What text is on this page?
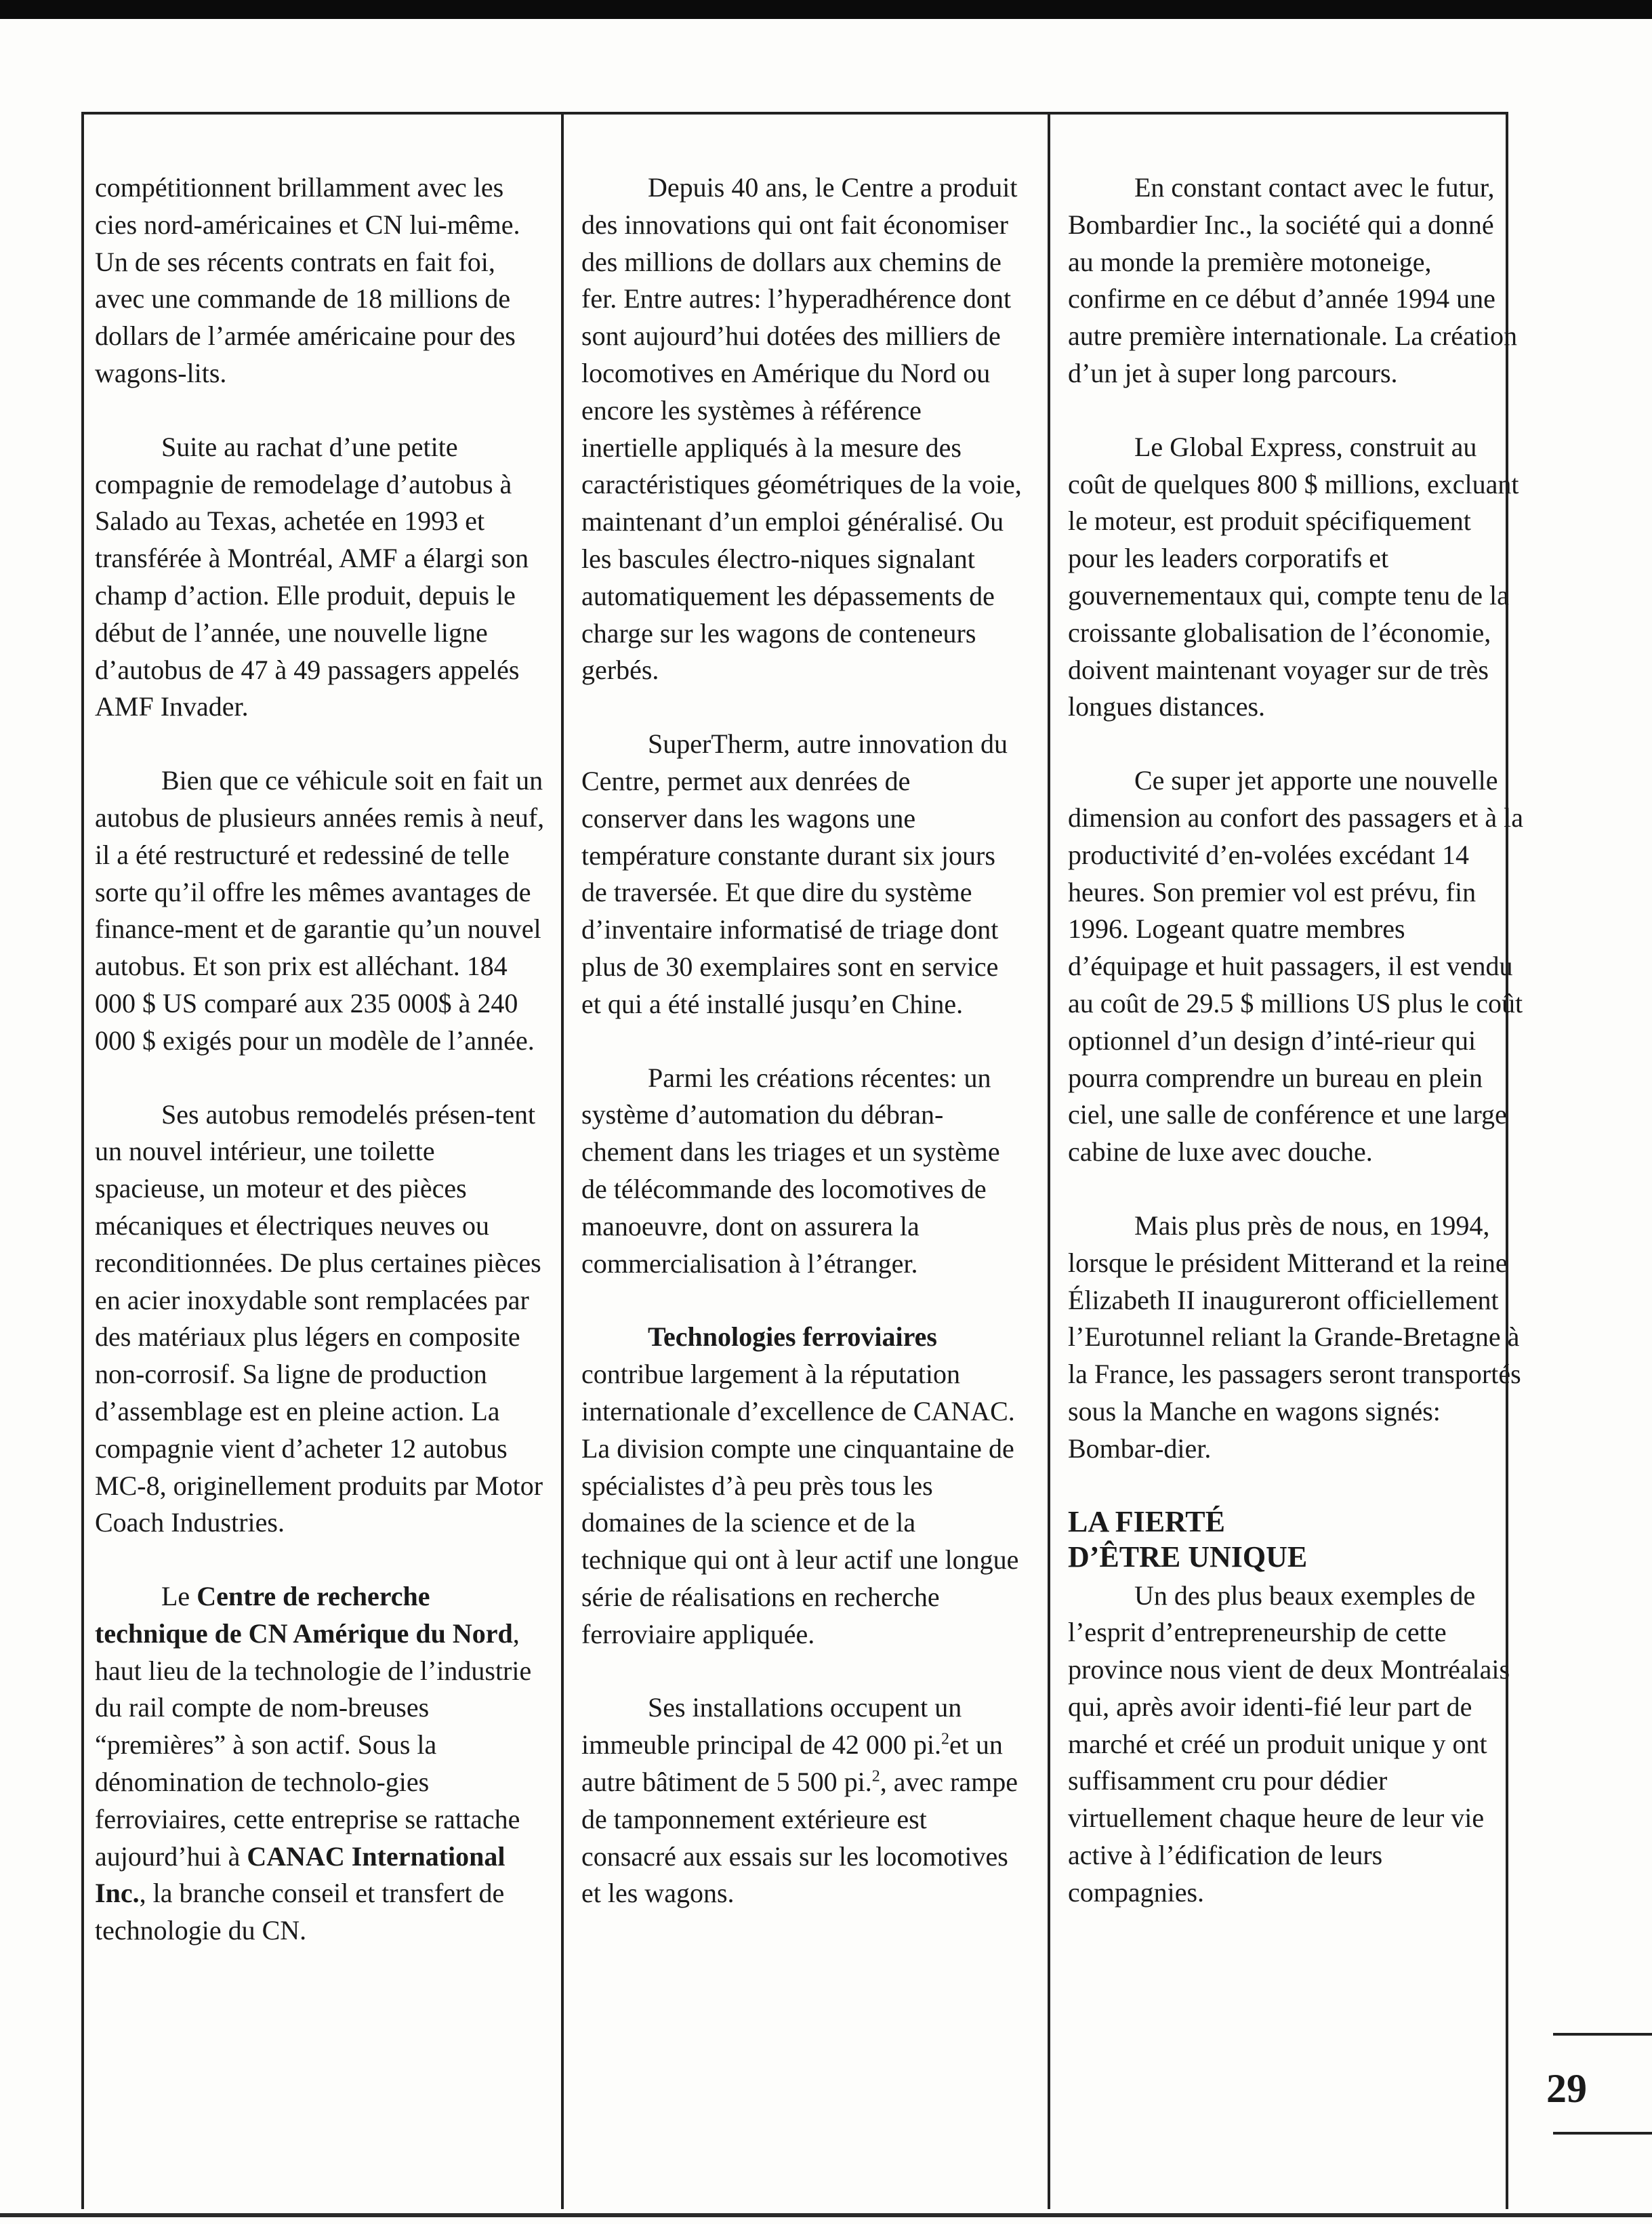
compétitionnent brillamment avec les cies nord-américaines et CN lui-même. Un de ses récents contrats en fait foi, avec une commande de 18 millions de dollars de l’armée américaine pour des wagons-lits.

Suite au rachat d’une petite compagnie de remodelage d’autobus à Salado au Texas, achetée en 1993 et transférée à Montréal, AMF a élargi son champ d’action. Elle produit, depuis le début de l’année, une nouvelle ligne d’autobus de 47 à 49 passagers appelés AMF Invader.

Bien que ce véhicule soit en fait un autobus de plusieurs années remis à neuf, il a été restructuré et redessiné de telle sorte qu’il offre les mêmes avantages de finance-ment et de garantie qu’un nouvel autobus. Et son prix est alléchant. 184 000 $ US comparé aux 235 000$ à 240 000 $ exigés pour un modèle de l’année.

Ses autobus remodelés présen-tent un nouvel intérieur, une toilette spacieuse, un moteur et des pièces mécaniques et électriques neuves ou reconditionnées. De plus certaines pièces en acier inoxydable sont remplacées par des matériaux plus légers en composite non-corrosif. Sa ligne de production d’assemblage est en pleine action. La compagnie vient d’acheter 12 autobus MC-8, originellement produits par Motor Coach Industries.

Le Centre de recherche technique de CN Amérique du Nord, haut lieu de la technologie de l’industrie du rail compte de nom-breuses “premières” à son actif. Sous la dénomination de technolo-gies ferroviaires, cette entreprise se rattache aujourd’hui à CANAC International Inc., la branche conseil et transfert de technologie du CN.

Depuis 40 ans, le Centre a produit des innovations qui ont fait économiser des millions de dollars aux chemins de fer. Entre autres: l’hyperadhérence dont sont aujourd’hui dotées des milliers de locomotives en Amérique du Nord ou encore les systèmes à référence inertielle appliqués à la mesure des caractéristiques géométriques de la voie, maintenant d’un emploi généralisé. Ou les bascules électro-niques signalant automatiquement les dépassements de charge sur les wagons de conteneurs gerbés.

SuperTherm, autre innovation du Centre, permet aux denrées de conserver dans les wagons une température constante durant six jours de traversée. Et que dire du système d’inventaire informatisé de triage dont plus de 30 exemplaires sont en service et qui a été installé jusqu’en Chine.

Parmi les créations récentes: un système d’automation du débran-chement dans les triages et un système de télécommande des locomotives de manoeuvre, dont on assurera la commercialisation à l’étranger.

Technologies ferroviaires contribue largement à la réputation internationale d’excellence de CANAC. La division compte une cinquantaine de spécialistes d’à peu près tous les domaines de la science et de la technique qui ont à leur actif une longue série de réalisations en recherche ferroviaire appliquée.

Ses installations occupent un immeuble principal de 42 000 pi.$^2$et un autre bâtiment de 5 500 pi.$^2$, avec rampe de tamponnement extérieure est consacré aux essais sur les locomotives et les wagons.

En constant contact avec le futur, Bombardier Inc., la société qui a donné au monde la première motoneige, confirme en ce début d’année 1994 une autre première internationale. La création d’un jet à super long parcours.

Le Global Express, construit au coût de quelques 800 $ millions, excluant le moteur, est produit spécifiquement pour les leaders corporatifs et gouvernementaux qui, compte tenu de la croissante globalisation de l’économie, doivent maintenant voyager sur de très longues distances.

Ce super jet apporte une nouvelle dimension au confort des passagers et à la productivité d’en-volées excédant 14 heures. Son premier vol est prévu, fin 1996. Logeant quatre membres d’équipage et huit passagers, il est vendu au coût de 29.5 $ millions US plus le coût optionnel d’un design d’inté-rieur qui pourra comprendre un bureau en plein ciel, une salle de conférence et une large cabine de luxe avec douche.

Mais plus près de nous, en 1994, lorsque le président Mitterand et la reine Élizabeth II inaugureront officiellement l’Eurotunnel reliant la Grande-Bretagne à la France, les passagers seront transportés sous la Manche en wagons signés: Bombar-dier.

LA FIERTÉ
D’ÊTRE UNIQUE

Un des plus beaux exemples de l’esprit d’entrepreneurship de cette province nous vient de deux Montréalais qui, après avoir identi-fié leur part de marché et créé un produit unique y ont suffisamment cru pour dédier virtuellement chaque heure de leur vie active à l’édification de leurs compagnies.

29
